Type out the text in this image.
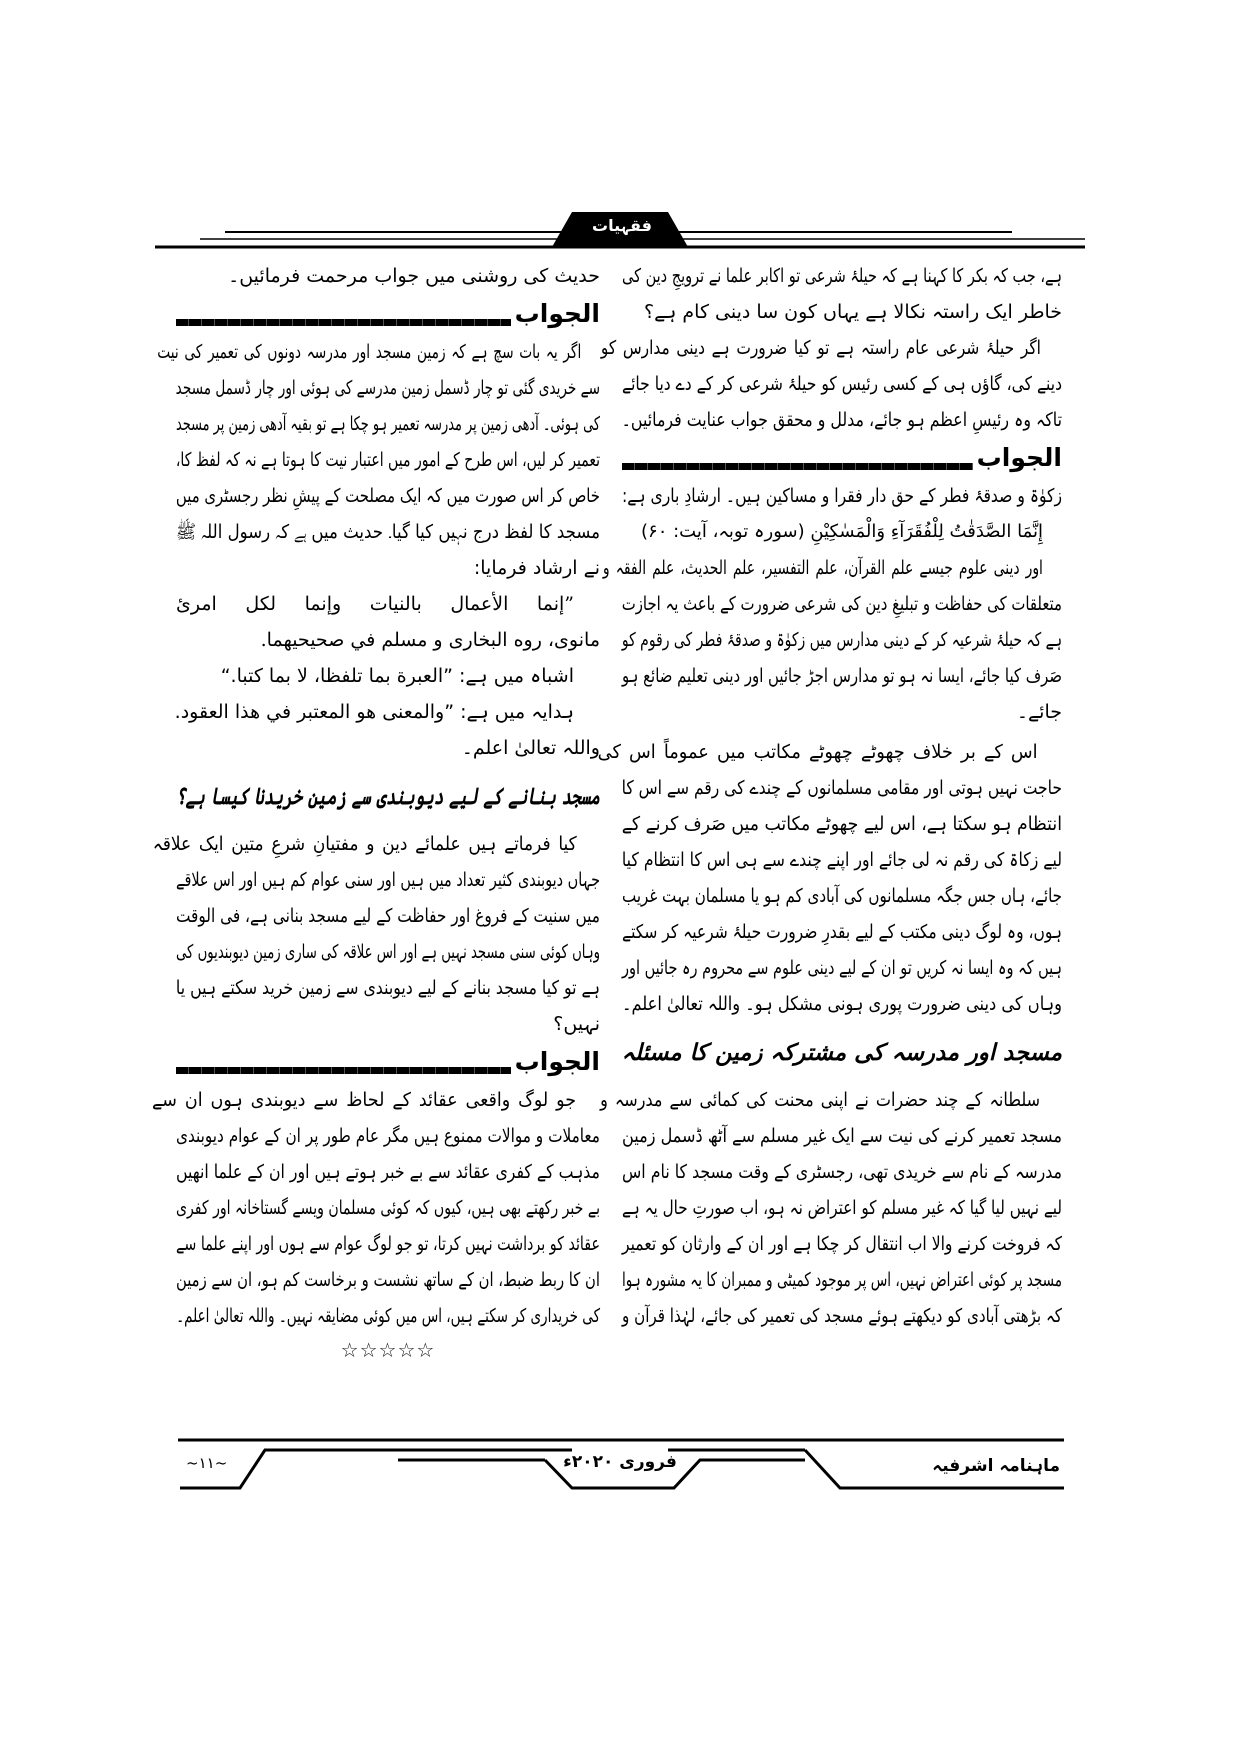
فقہیات
ہے، جب کہ بکر کا کہنا ہے کہ حیلۂ شرعی تو اکابر علما نے ترویجِ دین کی
خاطر ایک راستہ نکالا ہے یہاں کون سا دینی کام ہے؟
اگر حیلۂ شرعی عام راستہ ہے تو کیا ضرورت ہے دینی مدارس کو
دینے کی، گاؤں ہی کے کسی رئیس کو حیلۂ شرعی کر کے دے دیا جائے
تاکہ وہ رئیسِ اعظم ہو جائے، مدلل و محقق جواب عنایت فرمائیں۔
الجواب
زکوٰۃ و صدقۂ فطر کے حق دار فقرا و مساکین ہیں۔ ارشادِ باری ہے:
إِنَّمَا الصَّدَقٰتُ لِلْفُقَرَآءِ وَالْمَسٰكِيْنِ (سورہ توبہ، آیت: ۶۰)
اور دینی علوم جیسے علم القرآن، علم التفسیر، علم الحدیث، علم الفقہ و
متعلقات کی حفاظت و تبلیغِ دین کی شرعی ضرورت کے باعث یہ اجازت
ہے کہ حیلۂ شرعیہ کر کے دینی مدارس میں زکوٰۃ و صدقۂ فطر کی رقوم کو
صَرف کیا جائے، ایسا نہ ہو تو مدارس اجڑ جائیں اور دینی تعلیم ضائع ہو
جائے۔
اس کے بر خلاف چھوٹے چھوٹے مکاتب میں عموماً اس کی
حاجت نہیں ہوتی اور مقامی مسلمانوں کے چندے کی رقم سے اس کا
انتظام ہو سکتا ہے، اس لیے چھوٹے مکاتب میں صَرف کرنے کے
لیے زکاۃ کی رقم نہ لی جائے اور اپنے چندے سے ہی اس کا انتظام کیا
جائے، ہاں جس جگہ مسلمانوں کی آبادی کم ہو یا مسلمان بہت غریب
ہوں، وہ لوگ دینی مکتب کے لیے بقدرِ ضرورت حیلۂ شرعیہ کر سکتے
ہیں کہ وہ ایسا نہ کریں تو ان کے لیے دینی علوم سے محروم رہ جائیں اور
وہاں کی دینی ضرورت پوری ہونی مشکل ہو۔ واللہ تعالیٰ اعلم۔
مسجد اور مدرسہ کی مشترکہ زمین کا مسئلہ
سلطانہ کے چند حضرات نے اپنی محنت کی کمائی سے مدرسہ و
مسجد تعمیر کرنے کی نیت سے ایک غیر مسلم سے آٹھ ڈسمل زمین
مدرسہ کے نام سے خریدی تھی، رجسٹری کے وقت مسجد کا نام اس
لیے نہیں لیا گیا کہ غیر مسلم کو اعتراض نہ ہو، اب صورتِ حال یہ ہے
کہ فروخت کرنے والا اب انتقال کر چکا ہے اور ان کے وارثان کو تعمیر
مسجد پر کوئی اعتراض نہیں، اس پر موجود کمیٹی و ممبران کا یہ مشورہ ہوا
کہ بڑھتی آبادی کو دیکھتے ہوئے مسجد کی تعمیر کی جائے، لہٰذا قرآن و
حدیث کی روشنی میں جواب مرحمت فرمائیں۔
الجواب
اگر یہ بات سچ ہے کہ زمین مسجد اور مدرسہ دونوں کی تعمیر کی نیت
سے خریدی گئی تو چار ڈسمل زمین مدرسے کی ہوئی اور چار ڈسمل مسجد
کی ہوئی۔ آدھی زمین پر مدرسہ تعمیر ہو چکا ہے تو بقیہ آدھی زمین پر مسجد
تعمیر کر لیں، اس طرح کے امور میں اعتبار نیت کا ہوتا ہے نہ کہ لفظ کا،
خاص کر اس صورت میں کہ ایک مصلحت کے پیشِ نظر رجسٹری میں
مسجد کا لفظ درج نہیں کیا گیا۔ حدیث میں ہے کہ رسول اللہ ﷺ
نے ارشاد فرمایا:
”إنما الأعمال بالنيات وإنما لكل امرئ
مانوى، روه البخاری و مسلم في صحيحيهما.
اشباہ میں ہے: ”العبرة بما تلفظا، لا بما كتبا.“
ہدایہ میں ہے: ”والمعنى هو المعتبر في هذا العقود.
واللہ تعالیٰ اعلم۔
مسجد بنانے کے لیے دیوبندی سے زمین خریدنا کیسا ہے؟
کیا فرماتے ہیں علمائے دین و مفتیانِ شرعِ متین ایک علاقہ
جہاں دیوبندی کثیر تعداد میں ہیں اور سنی عوام کم ہیں اور اس علاقے
میں سنیت کے فروغ اور حفاظت کے لیے مسجد بنانی ہے، فی الوقت
وہاں کوئی سنی مسجد نہیں ہے اور اس علاقہ کی ساری زمین دیوبندیوں کی
ہے تو کیا مسجد بنانے کے لیے دیوبندی سے زمین خرید سکتے ہیں یا
نہیں؟
الجواب
جو لوگ واقعی عقائد کے لحاظ سے دیوبندی ہوں ان سے
معاملات و موالات ممنوع ہیں مگر عام طور پر ان کے عوام دیوبندی
مذہب کے کفری عقائد سے بے خبر ہوتے ہیں اور ان کے علما انھیں
بے خبر رکھتے بھی ہیں، کیوں کہ کوئی مسلمان ویسے گستاخانہ اور کفری
عقائد کو برداشت نہیں کرتا، تو جو لوگ عوام سے ہوں اور اپنے علما سے
ان کا ربط ضبط، ان کے ساتھ نشست و برخاست کم ہو، ان سے زمین
کی خریداری کر سکتے ہیں، اس میں کوئی مضایقہ نہیں۔ واللہ تعالیٰ اعلم۔
☆☆☆☆☆
ماہنامہ اشرفیہ
فروری ۲۰۲۰ء
~۱۱~
